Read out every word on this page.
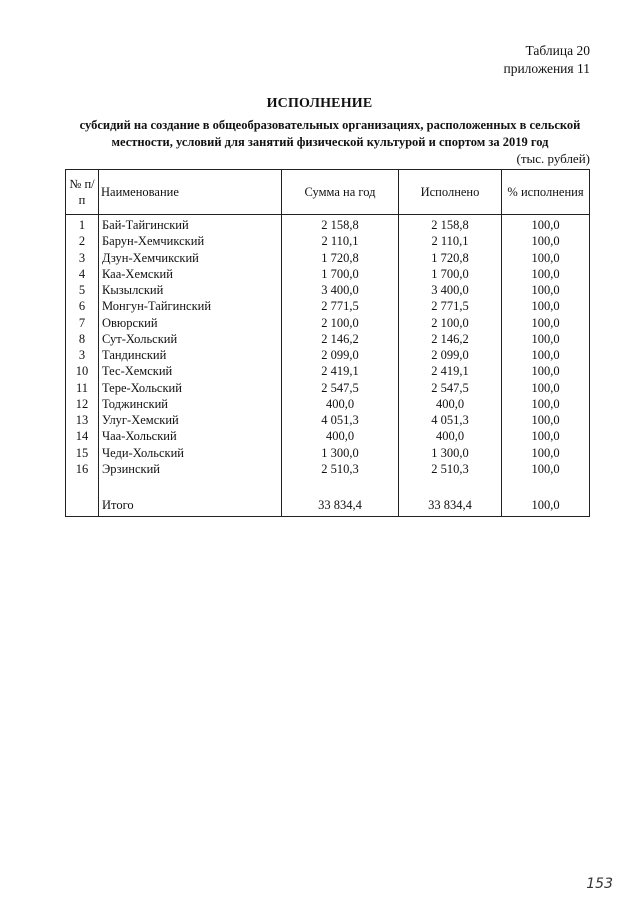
Таблица 20
приложения 11
ИСПОЛНЕНИЕ
субсидий на создание в общеобразовательных организациях, расположенных в сельской местности, условий для занятий физической культурой и спортом за 2019 год
(тыс. рублей)
№ п/п	Наименование	Сумма на год	Исполнено	% исполнения
1	Бай-Тайгинский	2 158,8	2 158,8	100,0
2	Барун-Хемчикский	2 110,1	2 110,1	100,0
3	Дзун-Хемчикский	1 720,8	1 720,8	100,0
4	Каа-Хемский	1 700,0	1 700,0	100,0
5	Кызылский	3 400,0	3 400,0	100,0
6	Монгун-Тайгинский	2 771,5	2 771,5	100,0
7	Овюрский	2 100,0	2 100,0	100,0
8	Сут-Хольский	2 146,2	2 146,2	100,0
3	Тандинский	2 099,0	2 099,0	100,0
10	Тес-Хемский	2 419,1	2 419,1	100,0
11	Тере-Хольский	2 547,5	2 547,5	100,0
12	Тоджинский	400,0	400,0	100,0
13	Улуг-Хемский	4 051,3	4 051,3	100,0
14	Чаа-Хольский	400,0	400,0	100,0
15	Чеди-Хольский	1 300,0	1 300,0	100,0
16	Эрзинский	2 510,3	2 510,3	100,0

	Итого	33 834,4	33 834,4	100,0
153
